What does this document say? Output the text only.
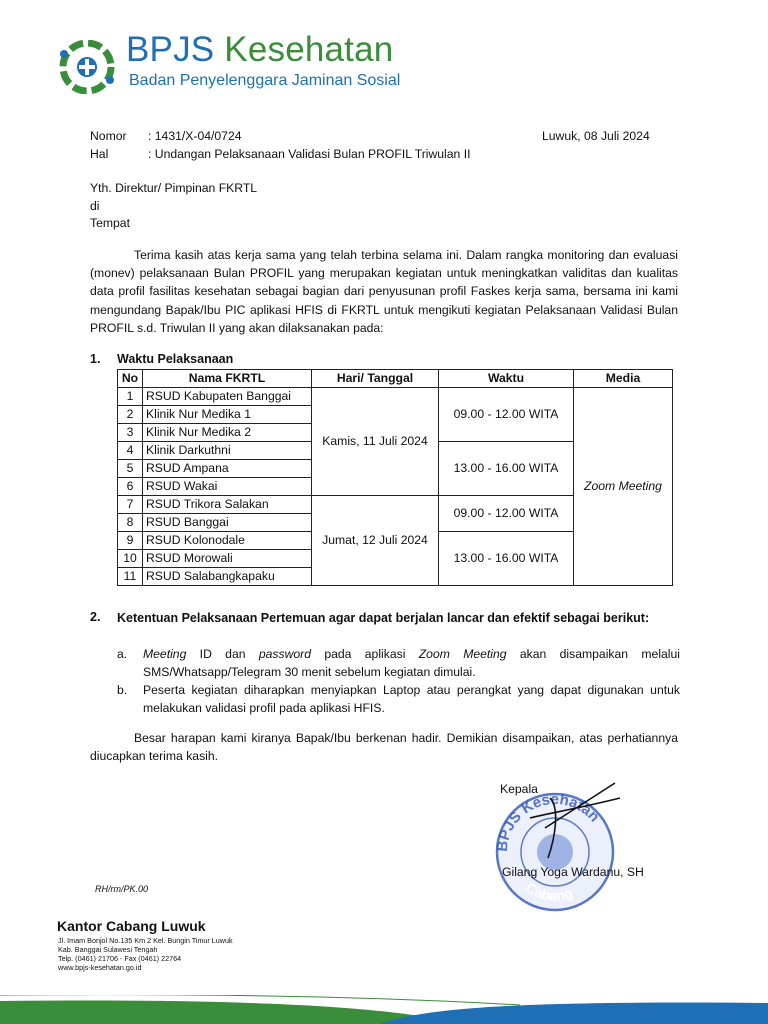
BPJS Kesehatan
Badan Penyelenggara Jaminan Sosial
Nomor : 1431/X-04/0724
Hal	: Undangan Pelaksanaan Validasi Bulan PROFIL Triwulan II
Luwuk, 08 Juli 2024
Yth. Direktur/ Pimpinan FKRTL
di
Tempat

Terima kasih atas kerja sama yang telah terbina selama ini. Dalam rangka monitoring dan evaluasi (monev) pelaksanaan Bulan PROFIL yang merupakan kegiatan untuk meningkatkan validitas dan kualitas data profil fasilitas kesehatan sebagai bagian dari penyusunan profil Faskes kerja sama, bersama ini kami mengundang Bapak/Ibu PIC aplikasi HFIS di FKRTL untuk mengikuti kegiatan Pelaksanaan Validasi Bulan PROFIL s.d. Triwulan II yang akan dilaksanakan pada:

1. Waktu Pelaksanaan
No	Nama FKRTL	Hari/ Tanggal	Waktu	Media
1	RSUD Kabupaten Banggai	Kamis, 11 Juli 2024	09.00 - 12.00 WITA	Zoom Meeting
2	Klinik Nur Medika 1			
3	Klinik Nur Medika 2			
4	Klinik Darkuthni		13.00 - 16.00 WITA	
5	RSUD Ampana			
6	RSUD Wakai			
7	RSUD Trikora Salakan	Jumat, 12 Juli 2024	09.00 - 12.00 WITA	
8	RSUD Banggai			
9	RSUD Kolonodale		13.00 - 16.00 WITA	
10	RSUD Morowali			
11	RSUD Salabangkapaku			
2. Ketentuan Pelaksanaan Pertemuan agar dapat berjalan lancar dan efektif sebagai berikut:
a. Meeting ID dan password pada aplikasi Zoom Meeting akan disampaikan melalui SMS/Whatsapp/Telegram 30 menit sebelum kegiatan dimulai.
b. Peserta kegiatan diharapkan menyiapkan Laptop atau perangkat yang dapat digunakan untuk melakukan validasi profil pada aplikasi HFIS.

Besar harapan kami kiranya Bapak/Ibu berkenan hadir. Demikian disampaikan, atas perhatiannya diucapkan terima kasih.

BPJS Kesehatan
Cabang
Kepala
Gilang Yoga Wardanu, SH
RH/rm/PK.00
Kantor Cabang Luwuk
Jl. Imam Bonjol No.135 Km 2 Kel. Bungin Timur Luwuk
Kab. Banggai Sulawesi Tengah
Telp. (0461) 21706 - Fax (0461) 22764
www.bpjs-kesehatan.go.id
